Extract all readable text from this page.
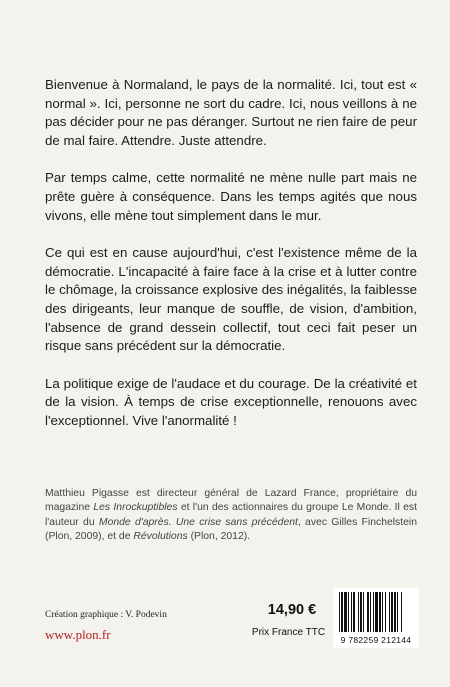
Bienvenue à Normaland, le pays de la normalité. Ici, tout est « normal ». Ici, personne ne sort du cadre. Ici, nous veillons à ne pas décider pour ne pas déranger. Surtout ne rien faire de peur de mal faire. Attendre. Juste attendre.

Par temps calme, cette normalité ne mène nulle part mais ne prête guère à conséquence. Dans les temps agités que nous vivons, elle mène tout simplement dans le mur.

Ce qui est en cause aujourd'hui, c'est l'existence même de la démocratie. L'incapacité à faire face à la crise et à lutter contre le chômage, la croissance explosive des inégalités, la faiblesse des dirigeants, leur manque de souffle, de vision, d'ambition, l'absence de grand dessein collectif, tout ceci fait peser un risque sans précédent sur la démocratie.

La politique exige de l'audace et du courage. De la créativité et de la vision. À temps de crise exceptionnelle, renouons avec l'exceptionnel. Vive l'anormalité !

Matthieu Pigasse est directeur général de Lazard France, propriétaire du magazine Les Inrockuptibles et l'un des actionnaires du groupe Le Monde. Il est l'auteur du Monde d'après. Une crise sans précédent, avec Gilles Finchelstein (Plon, 2009), et de Révolutions (Plon, 2012).
Création graphique : V. Podevin
www.plon.fr
14,90 €
Prix France TTC
9 782259 212144
